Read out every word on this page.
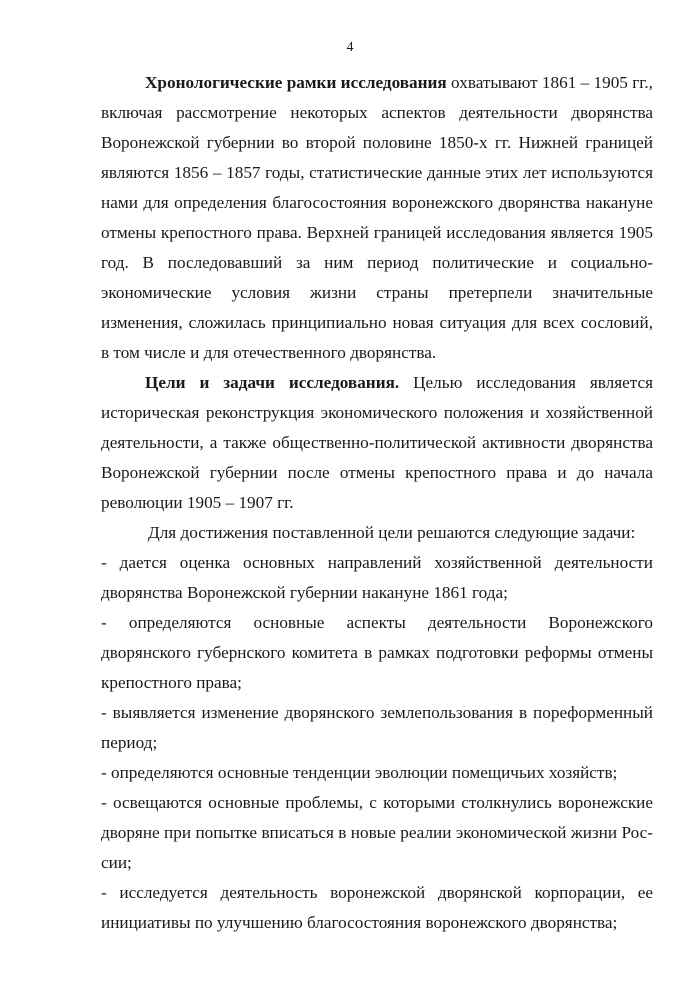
4

Хронологические рамки исследования охватывают 1861 – 1905 гг., включая рассмотрение некоторых аспектов деятельности дворянства Воронежской губернии во второй половине 1850-х гг. Нижней границей являются 1856 – 1857 годы, статистические данные этих лет используются нами для определения благосостояния воронежского дворянства накануне отмены крепостного права. Верхней границей исследования является 1905 год. В последовавший за ним период политические и социально-экономические условия жизни страны претерпели значительные изменения, сложилась принципиально новая ситуация для всех сословий, в том числе и для отечественного дворянства.

Цели и задачи исследования. Целью исследования является историческая реконструкция экономического положения и хозяйственной деятельности, а также общественно-политической активности дворянства Воронежской губернии после отмены крепостного права и до начала революции 1905 – 1907 гг.

Для достижения поставленной цели решаются следующие задачи:

- дается оценка основных направлений хозяйственной деятельности дворянства Воронежской губернии накануне 1861 года;

- определяются основные аспекты деятельности Воронежского дворянского губернского комитета в рамках подготовки реформы отмены крепостного права;

- выявляется изменение дворянского землепользования в пореформенный период;

- определяются основные тенденции эволюции помещичьих хозяйств;

- освещаются основные проблемы, с которыми столкнулись воронежские дворяне при попытке вписаться в новые реалии экономической жизни России;

- исследуется деятельность воронежской дворянской корпорации, ее инициативы по улучшению благосостояния воронежского дворянства;
